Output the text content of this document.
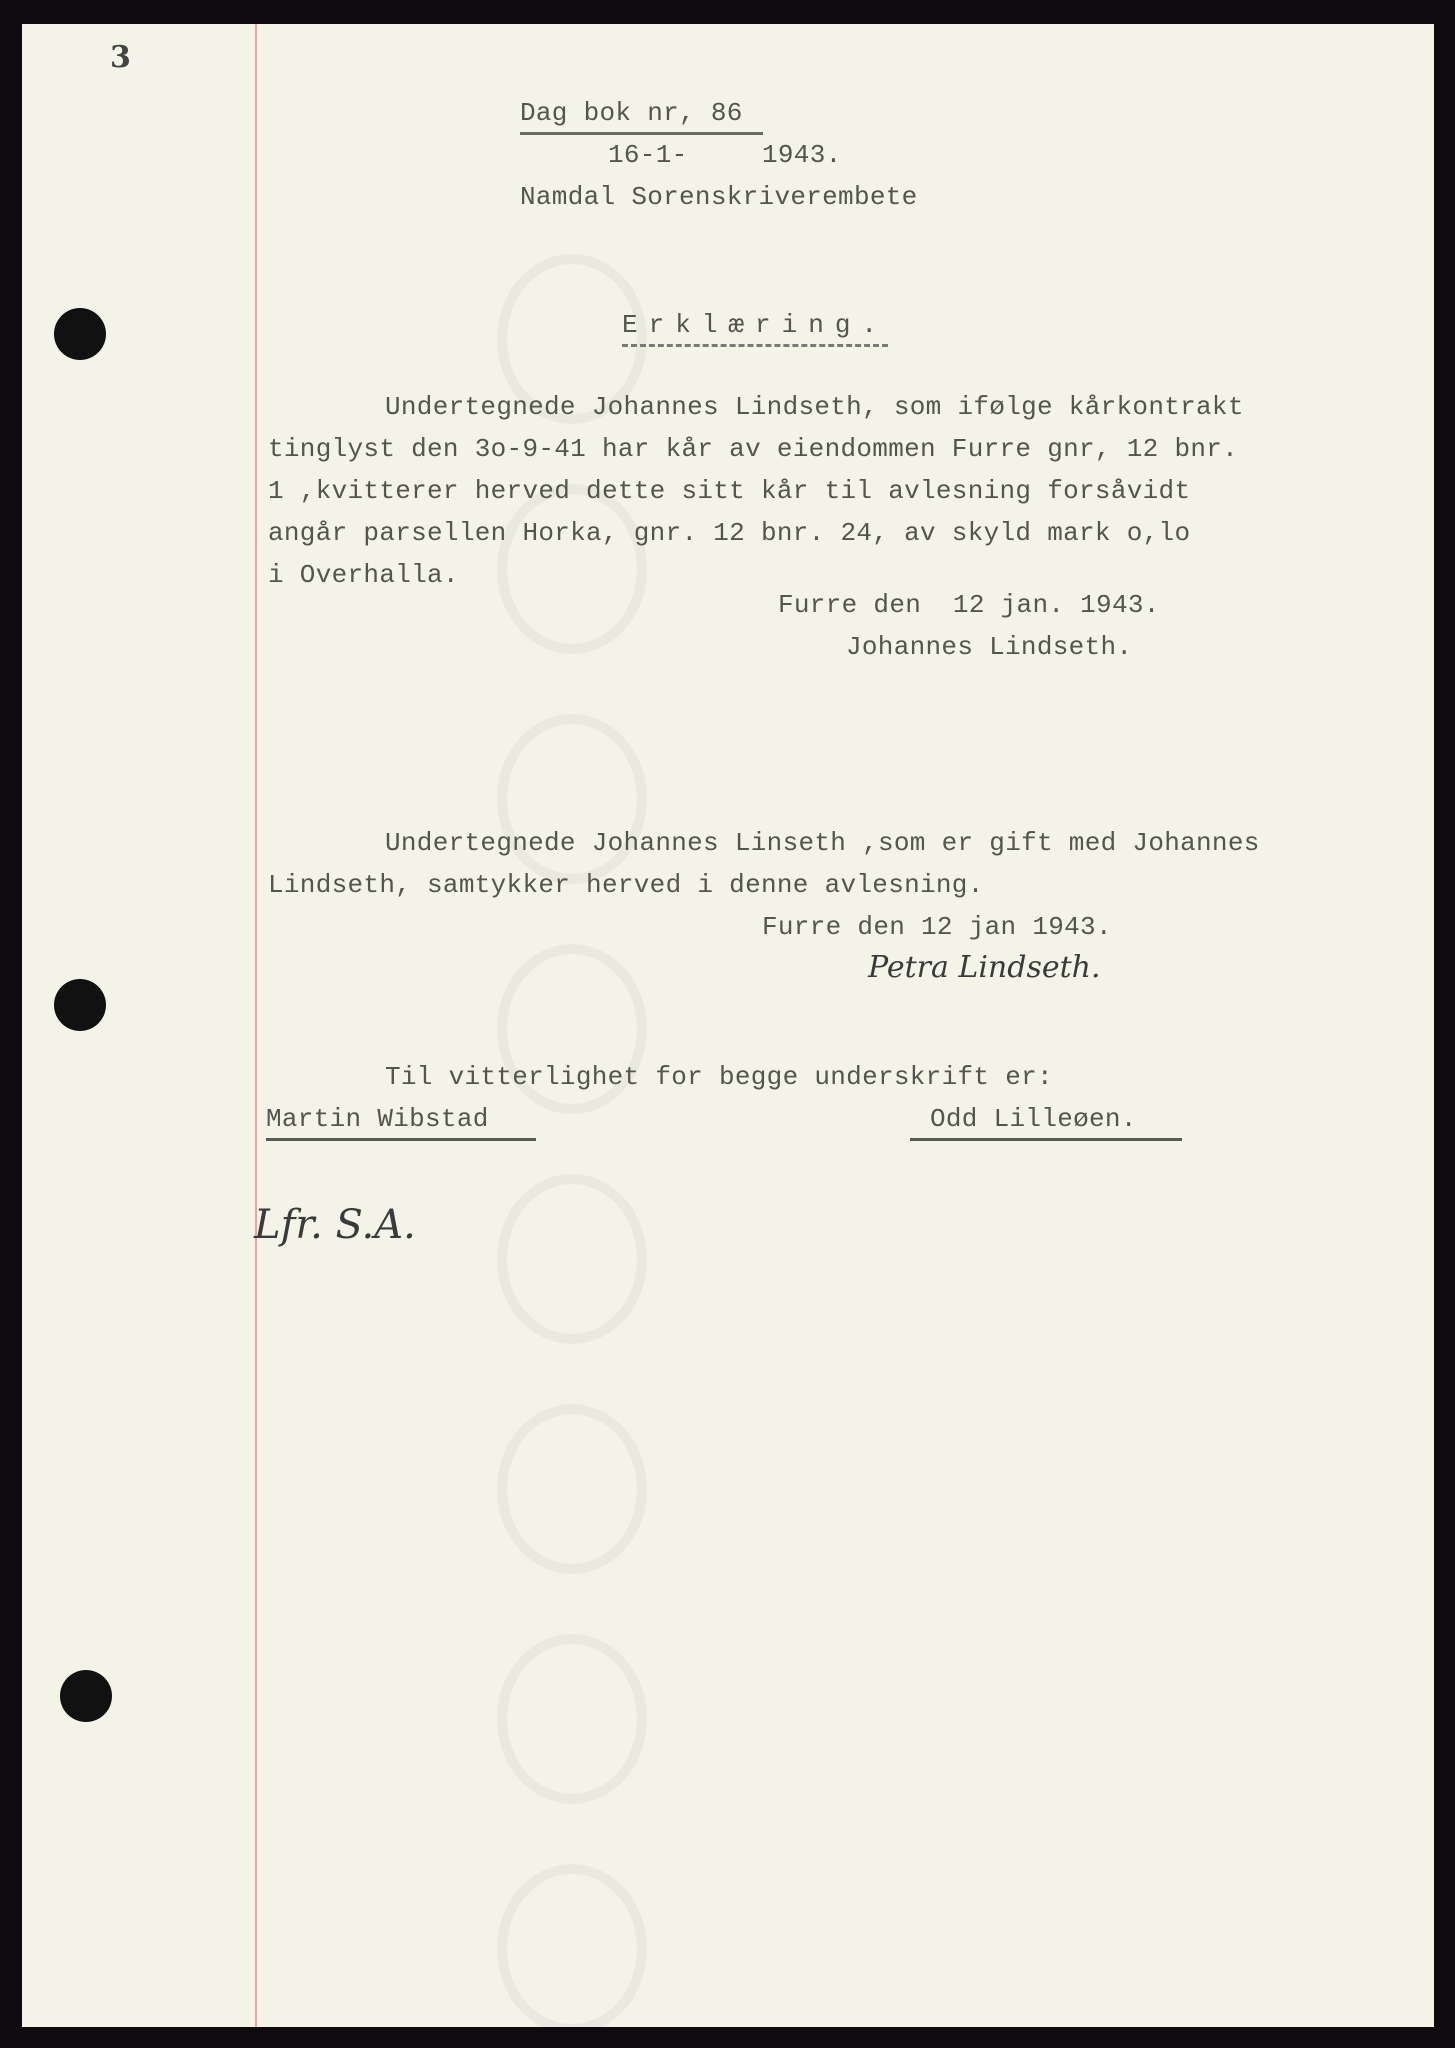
3
Dag bok nr, 86
16-1-	1943.
Namdal Sorenskriverembete
Erklæring.
Undertegnede Johannes Lindseth, som ifølge kårkontrakt
tinglyst den 3o-9-41 har kår av eiendommen Furre gnr, 12 bnr.
1 ,kvitterer herved dette sitt kår til avlesning forsåvidt
angår parsellen Horka, gnr. 12 bnr. 24, av skyld mark o,lo
i Overhalla.
Furre den  12 jan. 1943.
Johannes Lindseth.
Undertegnede Johannes Linseth ,som er gift med Johannes
Lindseth, samtykker herved i denne avlesning.
Furre den 12 jan 1943.
Petra Lindseth.
Til vitterlighet for begge underskrift er:
Martin Wibstad	Odd Lilleøen.
Lfr. S.A.
